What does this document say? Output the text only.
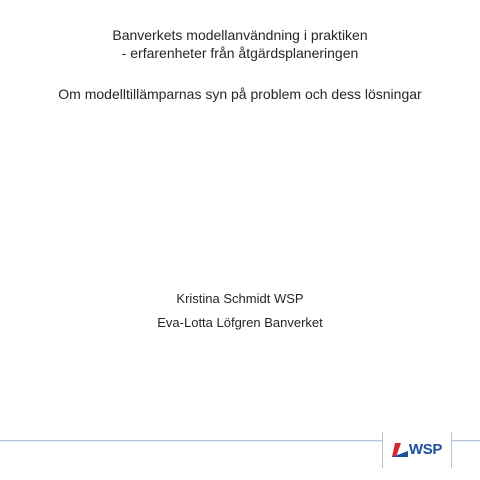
Banverkets modellanvändning i praktiken
- erfarenheter från åtgärdsplaneringen
Om modelltillämparnas syn på problem och dess lösningar
Kristina Schmidt WSP
Eva-Lotta Löfgren Banverket
WSP
